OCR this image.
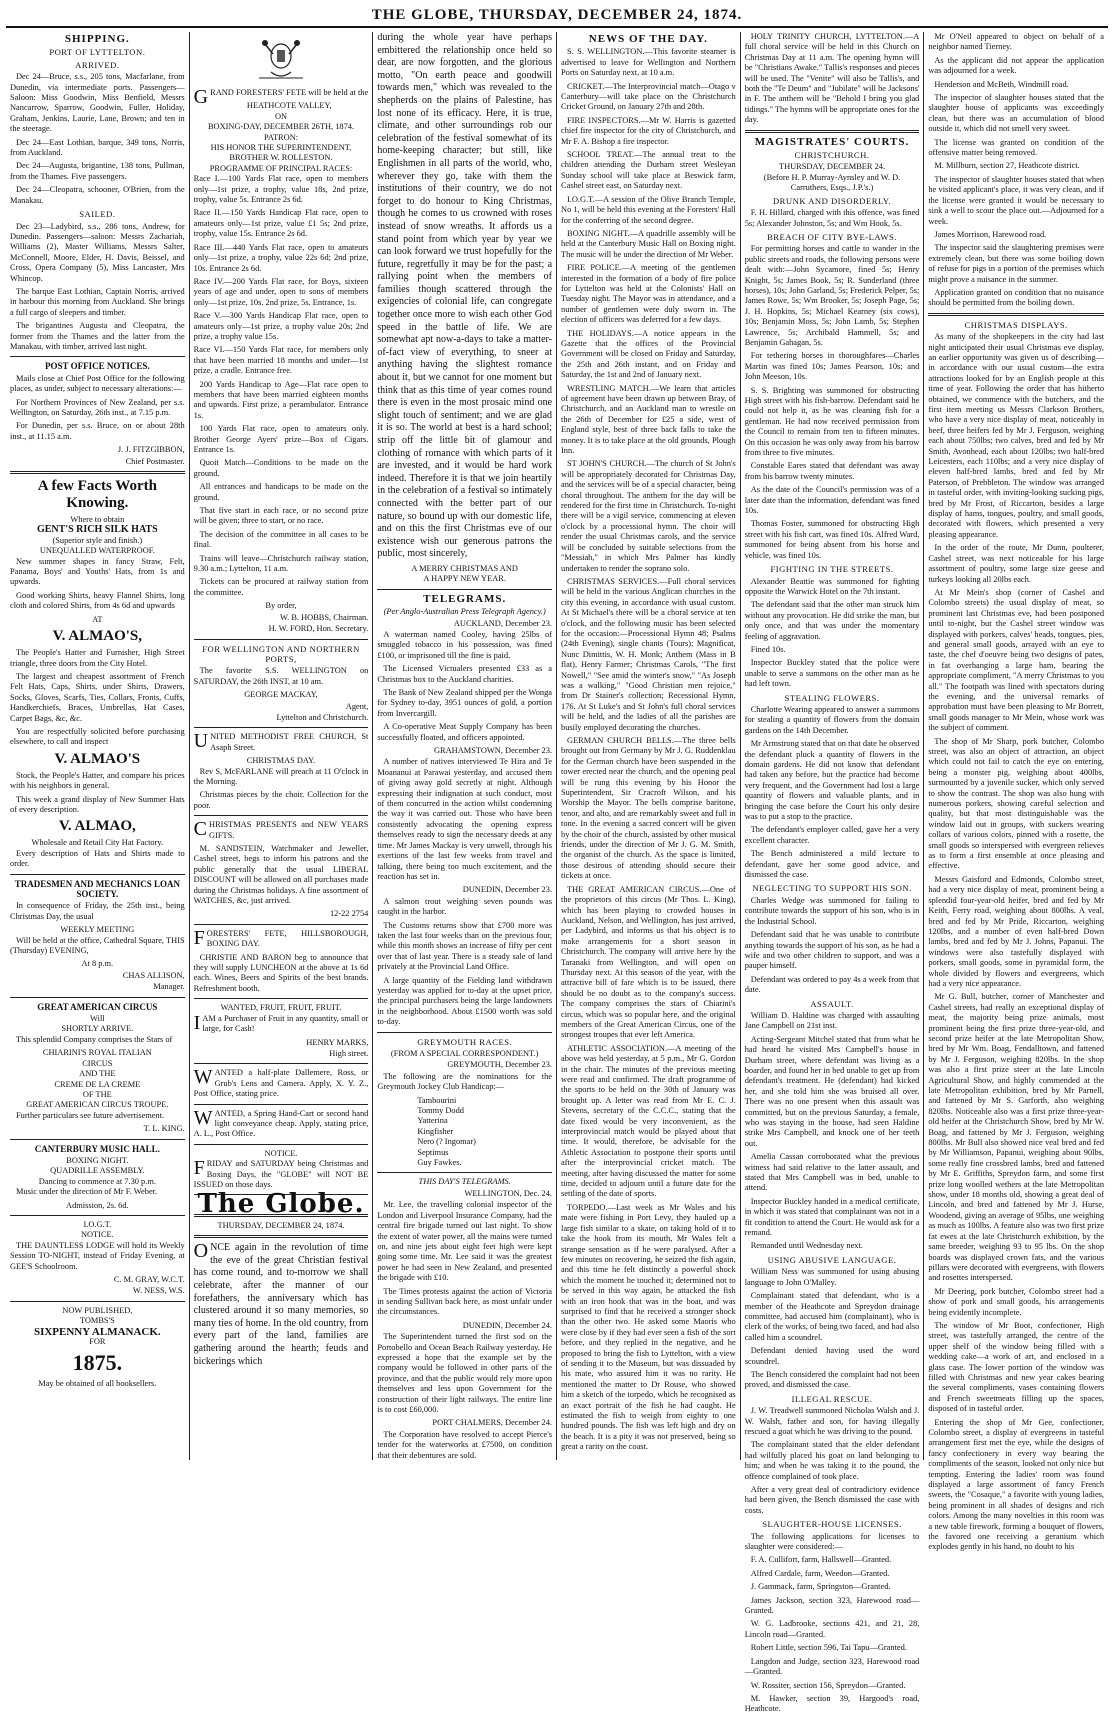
THE GLOBE, THURSDAY, DECEMBER 24, 1874.
SHIPPING.
PORT OF LYTTELTON.
ARRIVED.

Dec 24—Bruce, s.s., 205 tons, Macfarlane, from Dunedin, via intermediate ports. Passengers—Saloon: Miss Goodwin, Miss Benfield, Messrs Nancarrow, Sparrow, Goodwin, Fuller, Holiday, Graham, Jenkins, Laurie, Lane, Brown; and ten in the steerage.

Dec 24—East Lothian, barque, 349 tons, Norris, from Auckland.

Dec 24—Augusta, brigantine, 138 tons, Pullman, from the Thames. Five passengers.

Dec 24—Cleopatra, schooner, O'Brien, from the Manakau.

SAILED.

Dec 23—Ladybird, s.s., 286 tons, Andrew, for Dunedin. Passengers—saloon: Messrs Zachariah, Williams (2), Master Williams, Messrs Salter, McConnell, Moore, Elder, H. Davis, Beissel, and Cross, Opera Company (5), Miss Lancaster, Mrs Whincop.

The barque East Lothian, Captain Norris, arrived in harbour this morning from Auckland. She brings a full cargo of sleepers and timber.

The brigantines Augusta and Cleopatra, the former from the Thames and the latter from the Manakau, with timber, arrived last night.

POST OFFICE NOTICES.

Mails close at Chief Post Office for the following places, as under, subject to necessary alterations:—

For Northern Provinces of New Zealand, per s.s. Wellington, on Saturday, 26th inst., at 7.15 p.m.

For Dunedin, per s.s. Bruce, on or about 28th inst., at 11.15 a.m.

J. J. FITZGIBBON,
Chief Postmaster.
A few Facts Worth Knowing.
Where to obtain
GENT'S RICH SILK HATS
(Superior style and finish.)
UNEQUALLED WATERPROOF.

New summer shapes in fancy Straw, Felt, Panama, Boys' and Youths' Hats, from 1s and upwards.

Good working Shirts, heavy Flannel Shirts, long cloth and colored Shirts, from 4s 6d and upwards

AT
V. ALMAO'S,

The People's Hatter and Furnisher, High Street triangle, three doors from the City Hotel.

The largest and cheapest assortment of French Felt Hats, Caps, Shirts, under Shirts, Drawers, Socks, Gloves, Scarfs, Ties, Collars, Fronts, Cuffs, Handkerchiefs, Braces, Umbrellas, Hat Cases, Carpet Bags, &c, &c.

You are respectfully solicited before purchasing elsewhere, to call and inspect

V. ALMAO'S

Stock, the People's Hatter, and compare his prices with his neighbors in general.

This week a grand display of New Summer Hats of every description.

V. ALMAO,
Wholesale and Retail City Hat Factory.

Every description of Hats and Shirts made to order.

TRADESMEN AND MECHANICS LOAN SOCIETY.

In consequence of Friday, the 25th inst., being Christmas Day, the usual

WEEKLY MEETING

Will be held at the office, Cathedral Square, THIS (Thursday) EVENING,

At 8 p.m.
CHAS ALLISON,
Manager.
GREAT AMERICAN CIRCUS
Will
SHORTLY ARRIVE.

This splendid Company comprises the Stars of

CHIARINI'S ROYAL ITALIAN
CIRCUS
AND THE
CREME DE LA CREME
OF THE
GREAT AMERICAN CIRCUS TROUPE.

Further particulars see future advertisement.

T. L. KING.
CANTERBURY MUSIC HALL.
BOXING NIGHT.
QUADRILLE ASSEMBLY.
Dancing to commence at 7.30 p.m.

Music under the direction of Mr F. Weber.

Admission, 2s. 6d.
I.O.G.T.
NOTICE.

THE DAUNTLESS LODGE will hold its Weekly Session TO-NIGHT, instead of Friday Evening, at GEE'S Schoolroom.

C. M. GRAY, W.C.T.
W. NESS, W.S.
NOW PUBLISHED,
TOMBS'S
SIXPENNY ALMANACK.
FOR
1875.
May be obtained of all booksellers.

GRAND FORESTERS' FETE will be held at the

HEATHCOTE VALLEY,
ON
BOXING-DAY, DECEMBER 26TH, 1874.
PATRON:
HIS HONOR THE SUPERINTENDENT,
BROTHER W. ROLLESTON.
PROGRAMME OF PRINCIPAL RACES:

Race I.—100 Yards Flat race, open to members only—1st prize, a trophy, value 18s, 2nd prize, trophy, value 5s. Entrance 2s 6d.

Race II.—150 Yards Handicap Flat race, open to amateurs only—1st prize, value £1 5s; 2nd prize, trophy, value 15s. Entrance 2s 6d.

Race III.—440 Yards Flat race, open to amateurs only—1st prize, a trophy, value 22s 6d; 2nd prize, 10s. Entrance 2s 6d.

Race IV.—200 Yards Flat race, for Boys, sixteen years of age and under, open to sons of members only—1st prize, 10s. 2nd prize, 5s. Entrance, 1s.

Race V.—300 Yards Handicap Flat race, open to amateurs only—1st prize, a trophy value 20s; 2nd prize, a trophy value 15s.

Race VI.—150 Yards Flat race, for members only that have been married 18 months and under—1st prize, a cradle. Entrance free.

200 Yards Handicap to Age—Flat race open to members that have been married eighteen months and upwards. First prize, a perambulator. Entrance 1s.

100 Yards Flat race, open to amateurs only. Brother George Ayers' prize—Box of Cigars. Entrance 1s.

Quoit Match—Conditions to be made on the ground.

All entrances and handicaps to be made on the ground.

That five start in each race, or no second prize will be given; three to start, or no race.

The decision of the committee in all cases to be final.

Trains will leave—Christchurch railway station, 9.30 a.m.; Lyttelton, 11 a.m.

Tickets can be procured at railway station from the committee.

By order,
W. B. HOBBS, Chairman.
H. W. FORD, Hon. Secretary.
FOR WELLINGTON AND NORTHERN PORTS,

The favorite S.S. WELLINGTON on SATURDAY, the 26th INST, at 10 am.

GEORGE MACKAY,
Agent,
Lyttelton and Christchurch.

UNITED METHODIST FREE CHURCH, St Asaph Street.

CHRISTMAS DAY.

Rev S, McFARLANE will preach at 11 O'clock in the Morning.

Christmas pieces by the choir. Collection for the poor.

CHRISTMAS PRESENTS and NEW YEARS GIFTS.

M. SANDSTEIN, Watchmaker and Jeweller, Cashel street, begs to inform his patrons and the public generally that the usual LIBERAL DISCOUNT will be allowed on all purchases made during the Christmas holidays. A fine assortment of WATCHES, &c, just arrived.

12-22 2754

FORESTERS' FETE, HILLSBOROUGH, BOXING DAY.

CHRISTIE AND BARON beg to announce that they will supply LUNCHEON at the above at 1s 6d each. Wines, Beers and Spirits of the best brands. Refreshment booth.

WANTED, FRUIT, FRUIT, FRUIT.

IAM a Purchaser of Fruit in any quantity, small or large, for Cash!

HENRY MARKS,
High street.

WANTED a half-plate Dallemere, Ross, or Grub's Lens and Camera. Apply, X. Y. Z., Post Office, stating price.

WANTED, a Spring Hand-Cart or second hand light conveyance cheap. Apply, stating price, A. L., Post Office.

NOTICE.

FRIDAY and SATURDAY being Christmas and Boxing Days, the "GLOBE" will NOT BE ISSUED on those days.

The Globe.
THURSDAY, DECEMBER 24, 1874.

ONCE again in the revolution of time the eve of the great Christian festival has come round, and to-morrow we shall celebrate, after the manner of our forefathers, the anniversary which has clustered around it so many memories, so many ties of home. In the old country, from every part of the land, families are gathering around the hearth; feuds and bickerings which

during the whole year have perhaps embittered the relationship once held so dear, are now forgotten, and the glorious motto, "On earth peace and goodwill towards men," which was revealed to the shepherds on the plains of Palestine, has lost none of its efficacy. Here, it is true, climate, and other surroundings rob our celebration of the festival somewhat of its home-keeping character; but still, like Englishmen in all parts of the world, who, wherever they go, take with them the institutions of their country, we do not forget to do honour to King Christmas, though he comes to us crowned with roses instead of snow wreaths. It affords us a stand point from which year by year we can look forward we trust hopefully for the future, regretfully it may be for the past; a rallying point when the members of families though scattered through the exigencies of colonial life, can congregate together once more to wish each other God speed in the battle of life. We are somewhat apt now-a-days to take a matter-of-fact view of everything, to sneer at anything having the slightest romance about it, but we cannot for one moment but think that as this time of year comes round there is even in the most prosaic mind one slight touch of sentiment; and we are glad it is so. The world at best is a hard school; strip off the little bit of glamour and clothing of romance with which parts of it are invested, and it would be hard work indeed. Therefore it is that we join heartily in the celebration of a festival so intimately connected with the better part of our nature, so bound up with our domestic life, and on this the first Christmas eve of our existence wish our generous patrons the public, most sincerely,

A MERRY CHRISTMAS AND
A HAPPY NEW YEAR.
TELEGRAMS.
(Per Anglo-Australian Press Telegraph Agency.)
AUCKLAND, December 23.

A waterman named Cooley, having 25lbs of smuggled tobacco in his possession, was fined £100, or imprisoned till the fine is paid.

The Licensed Victualers presented £33 as a Christmas box to the Auckland charities.

The Bank of New Zealand shipped per the Wonga for Sydney to-day, 3951 ounces of gold, a portion from Invercargill.

A Co-operative Meat Supply Company has been successfully floated, and officers appointed.

GRAHAMSTOWN, December 23.

A number of natives interviewed Te Hira and Te Moananui at Parawai yesterday, and accused them of giving away gold secretly at night. Although expressing their indignation at such conduct, most of them concurred in the action whilst condemning the way it was carried out. Those who have been consistently advocating the opening express themselves ready to sign the necessary deeds at any time. Mr James Mackay is very unwell, through his exertions of the last few weeks from travel and talking, there being too much excitement, and the reaction has set in.

DUNEDIN, December 23.

A salmon trout weighing seven pounds was caught in the harbor.

The Customs returns show that £700 more was taken the last four weeks than on the previous four, while this month shows an increase of fifty per cent over that of last year. There is a steady sale of land privately at the Provincial Land Office.

A large quantity of the Fielding land withdrawn yesterday was applied for to-day at the upset price, the principal purchasers being the large landowners in the neighborhood. About £1500 worth was sold to-day.

GREYMOUTH RACES.
(FROM A SPECIAL CORRESPONDENT.)
GREYMOUTH, December 23.

The following are the nominations for the Greymouth Jockey Club Handicap:—

Tambourini
Tommy Dodd
Yatterina
Kingfisher
Nero (? Ingomar)
Septimus
Guy Fawkes.
THIS DAY'S TELEGRAMS.
WELLINGTON, Dec. 24.

Mr. Lee, the travelling colonial inspector of the London and Liverpool Insurance Company, had the central fire brigade turned out last night. To show the extent of water power, all the mains were turned on, and nine jets about eight feet high were kept going some time. Mr. Lee said it was the greatest power he had seen in New Zealand, and presented the brigade with £10.

The Times protests against the action of Victoria in sending Sullivan back here, as most unfair under the circumstances.

DUNEDIN, December 24.

The Superintendent turned the first sod on the Portobello and Ocean Beach Railway yesterday. He expressed a hope that the example set by the company would be followed in other parts of the province, and that the public would rely more upon themselves and less upon Government for the construction of their light railways. The entire line is to cost £60,000.

PORT CHALMERS, December 24.

The Corporation have resolved to accept Pierce's tender for the waterworks at £7500, on condition that their debentures are sold.

NEWS OF THE DAY.

S. S. WELLINGTON.—This favorite steamer is advertised to leave for Wellington and Northern Ports on Saturday next, at 10 a.m.

CRICKET.—The Interprovincial match—Otago v Canterbury—will take place on the Christchurch Cricket Ground, on January 27th and 28th.

FIRE INSPECTORS.—Mr W. Harris is gazetted chief fire inspector for the city of Christchurch, and Mr F. A. Bishop a fire inspector.

SCHOOL TREAT.—The annual treat to the children attending the Durham street Wesleyan Sunday school will take place at Beswick farm, Cashel street east, on Saturday next.

I.O.G.T.—A session of the Olive Branch Temple, No 1, will be held this evening at the Foresters' Hall for the conferring of the second degree.

BOXING NIGHT.—A quadrille assembly will be held at the Canterbury Music Hall on Boxing night. The music will be under the direction of Mr Weber.

FIRE POLICE.—A meeting of the gentlemen interested in the formation of a body of fire police for Lyttelton was held at the Colonists' Hall on Tuesday night. The Mayor was in attendance, and a number of gentlemen were duly sworn in. The election of officers was deferred for a few days.

THE HOLIDAYS.—A notice appears in the Gazette that the offices of the Provincial Government will be closed on Friday and Saturday, the 25th and 26th instant, and on Friday and Saturday, the 1st and 2nd of January next.

WRESTLING MATCH.—We learn that articles of agreement have been drawn up between Bray, of Christchurch, and an Auckland man to wrestle on the 26th of December for £25 a side, west of England style, best of three back falls to take the money. It is to take place at the old grounds, Plough Inn.

ST JOHN'S CHURCH.—The church of St John's will be appropriately decorated for Christmas Day, and the services will be of a special character, being choral throughout. The anthem for the day will be rendered for the first time in Christchurch. To-night there will be a vigil service, commencing at eleven o'clock by a processional hymn. The choir will render the usual Christmas carols, and the service will be concluded by suitable selections from the "Messiah," in which Mrs Palmer has kindly undertaken to render the soprano solo.

CHRISTMAS SERVICES.—Full choral services will be held in the various Anglican churches in the city this evening, in accordance with usual custom. At St Michael's there will be a choral service at ten o'clock, and the following music has been selected for the occasion:—Processional Hymn 48; Psalms (24th Evening), single chants (Tours); Magnificat, Nunc Dimittis, W. H. Monk; Anthem (Mass in B flat), Henry Farmer; Christmas Carols, "The first Nowell," "See amid the winter's snow," "As Joseph was a walking," "Good Christian men rejoice," from Dr Stainer's collection; Recessional Hymn, 176. At St Luke's and St John's full choral services will be held, and the ladies of all the parishes are busily employed decorating the churches.

GERMAN CHURCH BELLS.—The three bells brought out from Germany by Mr J. G. Ruddenklau for the German church have been suspended in the tower erected near the church, and the opening peal will be rung this evening by his Honor the Superintendent, Sir Cracroft Wilson, and his Worship the Mayor. The bells comprise baritone, tenor, and alto, and are remarkably sweet and full in tone. In the evening a sacred concert will be given by the choir of the church, assisted by other musical friends, under the direction of Mr J. G. M. Smith, the organist of the church. As the space is limited, those desirous of attending should secure their tickets at once.

THE GREAT AMERICAN CIRCUS.—One of the proprietors of this circus (Mr Thos. L. King), which has been playing to crowded houses in Auckland, Nelson, and Wellington, has just arrived, per Ladybird, and informs us that his object is to make arrangements for a short season in Christchurch. The company will arrive here by the Taranaki from Wellington, and will open on Thursday next. At this season of the year, with the attractive bill of fare which is to be issued, there should be no doubt as to the company's success. The company comprises the stars of Chiarini's circus, which was so popular here, and the original members of the Great American Circus, one of the strongest troupes that ever left America.

ATHLETIC ASSOCIATION.—A meeting of the above was held yesterday, at 5 p.m., Mr G. Gordon in the chair. The minutes of the previous meeting were read and confirmed. The draft programme of the sports to be held on the 30th of January was brought up. A letter was read from Mr E. C. J. Stevens, secretary of the C.C.C., stating that the date fixed would be very inconvenient, as the interprovincial match would be played about that time. It would, therefore, be advisable for the Athletic Association to postpone their sports until after the interprovincial cricket match. The meeting, after having discussed the matter for some time, decided to adjourn until a future date for the settling of the date of sports.

TORPEDO.—Last week as Mr Wales and his mate were fishing in Port Levy, they hauled up a large fish similar to a skate, on taking hold of it to take the hook from its mouth, Mr Wales felt a strange sensation as if he were paralysed. After a few minutes on recovering, he seized the fish again, and this time he felt distinctly a powerful shock which the moment he touched it; determined not to be served in this way again, he attacked the fish with an iron hook that was in the boat, and was surprised to find that he received a stronger shock than the other two. He asked some Maoris who were close by if they had ever seen a fish of the sort before, and they replied in the negative, and he proposed to bring the fish to Lyttelton, with a view of sending it to the Museum, but was dissuaded by his mate, who assured him it was no rarity. He mentioned the matter to Dr Rouse, who showed him a sketch of the torpedo, which he recognised as an exact portrait of the fish he had caught. He estimated the fish to weigh from eighty to one hundred pounds. The fish was left high and dry on the beach. It is a pity it was not preserved, being so great a rarity on the coast.

HOLY TRINITY CHURCH, LYTTELTON.—A full choral service will be held in this Church on Christmas Day at 11 a.m. The opening hymn will be "Christians Awake." Tallis's responses and pieces will be used. The "Venite" will also be Tallis's, and both the "Te Deum" and "Jubilate" will be Jacksons' in F. The anthem will be "Behold I bring you glad tidings." The hymns will be appropriate ones for the day.

MAGISTRATES' COURTS.
CHRISTCHURCH.
THURSDAY, DECEMBER 24.
(Before H. P. Murray-Aynsley and W. D. Carruthers, Esqs., J.P.'s.)
DRUNK AND DISORDERLY.

F. H. Hillard, charged with this offence, was fined 5s; Alexander Johnston, 5s; and Wm Hook, 5s.

BREACH OF CITY BYE-LAWS.

For permitting horses and cattle to wander in the public streets and roads, the following persons were dealt with:—John Sycamore, fined 5s; Henry Knight, 5s; James Book, 5s; R. Sunderland (three horses), 10s; John Garland, 5s; Frederick Pelper, 5s; James Rowe, 5s; Wm Brooker, 5s; Joseph Page, 5s; J. H. Hopkins, 5s; Michael Kearney (six cows), 10s; Benjamin Moss, 5s; John Lamb, 5s; Stephen Lawrence, 5s; Archibald Hammell, 5s; and Benjamin Gahagan, 5s.

For tethering horses in thoroughfares—Charles Martin was fined 10s; James Pearson, 10s; and John Meeson, 10s.

S. S. Brighting was summoned for obstructing High street with his fish-barrow. Defendant said he could not help it, as he was cleaning fish for a gentleman. He had now received permission from the Council to remain from ten to fifteen minutes. On this occasion he was only away from his barrow from three to five minutes.

Constable Eares stated that defendant was away from his barrow twenty minutes.

As the date of the Council's permission was of a later date than the information, defendant was fined 10s.

Thomas Foster, summoned for obstructing High street with his fish cart, was fined 10s. Alfred Ward, summoned for being absent from his horse and vehicle, was fined 10s.

FIGHTING IN THE STREETS.

Alexander Beattie was summoned for fighting opposite the Warwick Hotel on the 7th instant.

The defendant said that the other man struck him without any provocation. He did strike the man, but only once, and that was under the momentary feeling of aggravation.

Fined 10s.

Inspector Buckley stated that the police were unable to serve a summons on the other man as he had left town.

STEALING FLOWERS.

Charlotte Wearing appeared to answer a summons for stealing a quantity of flowers from the domain gardens on the 14th December.

Mr Armstrong stated that on that date he observed the defendant pluck a quantity of flowers in the domain gardens. He did not know that defendant had taken any before, but the practice had become very frequent, and the Government had lost a large quantity of flowers and valuable plants, and in bringing the case before the Court his only desire was to put a stop to the practice.

The defendant's employer called, gave her a very excellent character.

The Bench administered a mild lecture to defendant, gave her some good advice, and dismissed the case.

NEGLECTING TO SUPPORT HIS SON.

Charles Wedge was summoned for failing to contribute towards the support of his son, who is in the Industrial School.

Defendant said that he was unable to contribute anything towards the support of his son, as he had a wife and two other children to support, and was a pauper himself.

Defendant was ordered to pay 4s a week from that date.

ASSAULT.

William D. Haldine was charged with assaulting Jane Campbell on 21st inst.

Acting-Sergeant Mitchel stated that from what he had heard he visited Mrs Campbell's house in Durham street, where defendant was living as a boarder, and found her in bed unable to get up from defendant's treatment. He (defendant) had kicked her, and she told him she was bruised all over. There was no one present when this assault was committed, but on the previous Saturday, a female, who was staying in the house, had seen Haldine strike Mrs Campbell, and knock one of her teeth out.

Amelia Cassan corroborated what the previous witness had said relative to the latter assault, and stated that Mrs Campbell was in bed, unable to attend.

Inspector Buckley handed in a medical certificate, in which it was stated that complainant was not in a fit condition to attend the Court. He would ask for a remand.

Remanded until Wednesday next.

USING ABUSIVE LANGUAGE.

William Ness was summoned for using abusing language to John O'Malley.

Complainant stated that defendant, who is a member of the Heathcote and Spreydon drainage committee, had accused him (complainant), who is clerk of the works, of being two faced, and had also called him a scoundrel.

Defendant denied having used the word scoundrel.

The Bench considered the complaint had not been proved, and dismissed the case.

ILLEGAL RESCUE.

J. W. Treadwell summoned Nicholas Walsh and J. W. Walsh, father and son, for having illegally rescued a goat which he was driving to the pound.

The complainant stated that the elder defendant had wilfully placed his goat on land belonging to him; and when he was taking it to the pound, the offence complained of took place.

After a very great deal of contradictory evidence had been given, the Bench dismissed the case with costs.

SLAUGHTER-HOUSE LICENSES.

The following applications for licenses to slaughter were considered:—

F. A. Cullifort, farm, Hallswell—Granted.

Alfred Cardale, farm, Weedon—Granted.

J. Gammack, farm, Springston—Granted.

James Jackson, section 323, Harewood road—Granted.

W. G. Ladbrooke, sections 421, and 21, 28, Lincoln road—Granted.

Robert Little, section 596, Tai Tapu—Granted.

Langdon and Judge, section 323, Harewood road—Granted.

W. Rossiter, section 156, Spreydon—Granted.

M. Hawker, section 39, Hargood's road, Heathcote.

Mr O'Neil appeared to object on behalf of a neighbor named Tierney.

As the applicant did not appear the application was adjourned for a week.

Henderson and McBeth, Windmill road.

The inspector of slaughter houses stated that the slaughter house of applicants was exceedingly clean, but there was an accumulation of blood outside it, which did not smell very sweet.

The license was granted on condition of the offensive matter being removed.

M. Millburn, section 27, Heathcote district.

The inspector of slaughter houses stated that when he visited applicant's place, it was very clean, and if the license were granted it would be necessary to sink a well to scour the place out.—Adjourned for a week.

James Morrison, Harewood road.

The inspector said the slaughtering premises were extremely clean, but there was some boiling down of refuse for pigs in a portion of the premises which might prove a nuisance in the summer.

Application granted on condition that no nuisance should be permitted from the boiling down.

CHRISTMAS DISPLAYS.

As many of the shopkeepers in the city had last night anticipated their usual Christmas eve display, an earlier opportunity was given us of describing—in accordance with our usual custom—the extra attractions looked for by an English people at this time of year. Following the order that has hitherto obtained, we commence with the butchers, and the first item meeting us Messrs Clarkson Brothers, who have a very nice display of meat, noticeably in beef, three heifers fed by Mr J. Ferguson, weighing each about 750lbs; two calves, bred and fed by Mr Smith, Avonhead, each about 120lbs; two half-bred Leicesters, each 110lbs; and a very nice display of eleven half-bred lambs, bred and fed by Mr Paterson, of Prebbleton. The window was arranged in tasteful order, with inviting-looking sucking pigs, bred by Mr Frost, of Riccarton, besides a large display of hams, tongues, poultry, and small goods, decorated with flowers, which presented a very pleasing appearance.

In the order of the route, Mr Dunn, poulterer, Cashel street, was next noticeable for his large assortment of poultry, some large size geese and turkeys looking all 20lbs each.

At Mr Mein's shop (corner of Cashel and Colombo streets) the usual display of meat, so prominent last Christmas eve, had been postponed until to-night, but the Cashel street window was displayed with porkers, calves' heads, tongues, pies, and general small goods, arrayed with an eye to taste, the chef d'oeuvre being two designs of pates, in fat overhanging a large ham, bearing the appropriate compliment, "A merry Christmas to you all." The footpath was lined with spectators during the evening, and the universal remarks of approbation must have been pleasing to Mr Borrett, small goods manager to Mr Mein, whose work was the subject of comment.

The shop of Mr Sharp, pork butcher, Colombo street, was also an object of attraction, an object which could not fail to catch the eye on entering, being a monster pig, weighing about 400lbs, surmounted by a juvenile sucker, which only served to show the contrast. The shop was also hung with numerous porkers, showing careful selection and quality, but that most distinguishable was the window laid out in groups, with suckers wearing collars of various colors, pinned with a rosette, the small goods so interspersed with evergreen relieves as to form a first ensemble at once pleasing and effective.

Messrs Gaisford and Edmonds, Colombo street, had a very nice display of meat, prominent being a splendid four-year-old heifer, bred and fed by Mr Keith, Ferry road, weighing about 800lbs. A veal, bred and fed by Mr Pride, Riccarton, weighing 120lbs, and a number of even half-bred Down lambs, bred and fed by Mr J. Johns, Papanui. The windows were also tastefully displayed with porkers, small goods, some in pyramidal form, the whole divided by flowers and evergreens, which had a very nice appearance.

Mr G. Bull, butcher, corner of Manchester and Cashel streets, had really an exceptional display of meat, the majority being prize animals, most prominent being the first prize three-year-old, and second prize heifer at the late Metropolitan Show, bred by Mr Wm. Boag, Fendalltown, and fattened by Mr J. Ferguson, weighing 820lbs. In the shop was also a first prize steer at the late Lincoln Agricultural Show, and highly commended at the late Metropolitan exhibition, bred by Mr Parnell, and fattened by Mr S. Garforth, also weighing 820lbs. Noticeable also was a first prize three-year-old heifer at the Christchurch Show, bred by Mr W. Boag, and fattened by Mr J. Ferguson, weighing 800lbs. Mr Bull also showed nice veal bred and fed by Mr Williamson, Papanui, weighing about 90lbs, some really fine crossbred lambs, bred and fattened by Mr E. Griffiths, Spreydon farm, and some first prize long woolled wethers at the late Metropolitan show, under 18 months old, showing a great deal of Lincoln, and bred and fattened by Mr J. Hurse, Woodend, giving an average of 95lbs, one weighing as much as 100lbs. A feature also was two first prize fat ewes at the late Christchurch exhibition, by the same breeder, weighing 93 to 95 lbs. On the shop boards was displayed crown fats, and the various pillars were decorated with evergreens, with flowers and rosettes interspersed.

Mr Deering, pork butcher, Colombo street had a show of pork and small goods, his arrangements being evidently incomplete.

The window of Mr Boot, confectioner, High street, was tastefully arranged, the centre of the upper shelf of the window being filled with a wedding cake—a work of art, and enclosed in a glass case. The lower portion of the window was filled with Christmas and new year cakes bearing the several compliments, vases containing flowers and French sweetmeats filling up the spaces, disposed of in tasteful order.

Entering the shop of Mr Gee, confectioner, Colombo street, a display of evergreens in tasteful arrangement first met the eye, while the designs of fancy confectionery in every way bearing the compliments of the season, looked not only nice but tempting. Entering the ladies' room was found displayed a large assortment of fancy French sweets, the "Cosaque," a favorite with young ladies, being prominent in all shades of designs and rich colors. Among the many novelties in this room was a new table firework, forming a bouquet of flowers, the favored one receiving a geranium which explodes gently in his hand, no doubt to his
